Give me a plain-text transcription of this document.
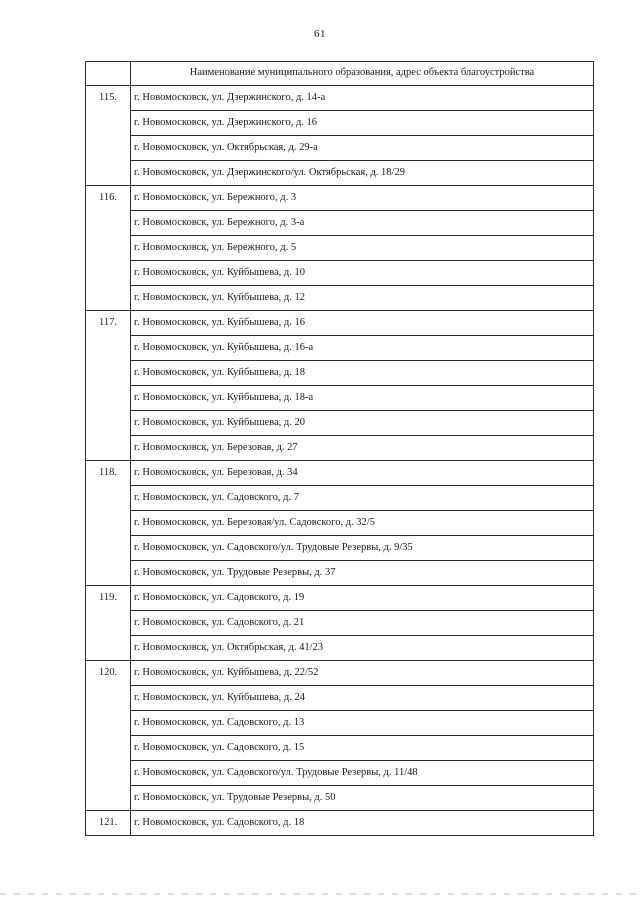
61
	Наименование муниципального образования, адрес объекта благоустройства
115.	г. Новомосковск, ул. Дзержинского, д. 14-а
	г. Новомосковск, ул. Дзержинского, д. 16
	г. Новомосковск, ул. Октябрьская, д. 29-а
	г. Новомосковск, ул. Дзержинского/ул. Октябрьская, д. 18/29
116.	г. Новомосковск, ул. Бережного, д. 3
	г. Новомосковск, ул. Бережного, д. 3-а
	г. Новомосковск, ул. Бережного, д. 5
	г. Новомосковск, ул. Куйбышева, д. 10
	г. Новомосковск, ул. Куйбышева, д. 12
117.	г. Новомосковск, ул. Куйбышева, д. 16
	г. Новомосковск, ул. Куйбышева, д. 16-а
	г. Новомосковск, ул. Куйбышева, д. 18
	г. Новомосковск, ул. Куйбышева, д. 18-а
	г. Новомосковск, ул. Куйбышева, д. 20
	г. Новомосковск, ул. Березовая, д. 27
118.	г. Новомосковск, ул. Березовая, д. 34
	г. Новомосковск, ул. Садовского, д. 7
	г. Новомосковск, ул. Березовая/ул. Садовского, д. 32/5
	г. Новомосковск, ул. Садовского/ул. Трудовые Резервы, д. 9/35
	г. Новомосковск, ул. Трудовые Резервы, д. 37
119.	г. Новомосковск, ул. Садовского, д. 19
	г. Новомосковск, ул. Садовского, д. 21
	г. Новомосковск, ул. Октябрьская, д. 41/23
120.	г. Новомосковск, ул. Куйбышева, д. 22/52
	г. Новомосковск, ул. Куйбышева, д. 24
	г. Новомосковск, ул. Садовского, д. 13
	г. Новомосковск, ул. Садовского, д. 15
	г. Новомосковск, ул. Садовского/ул. Трудовые Резервы, д. 11/48
	г. Новомосковск, ул. Трудовые Резервы, д. 50
121.	г. Новомосковск, ул. Садовского, д. 18
